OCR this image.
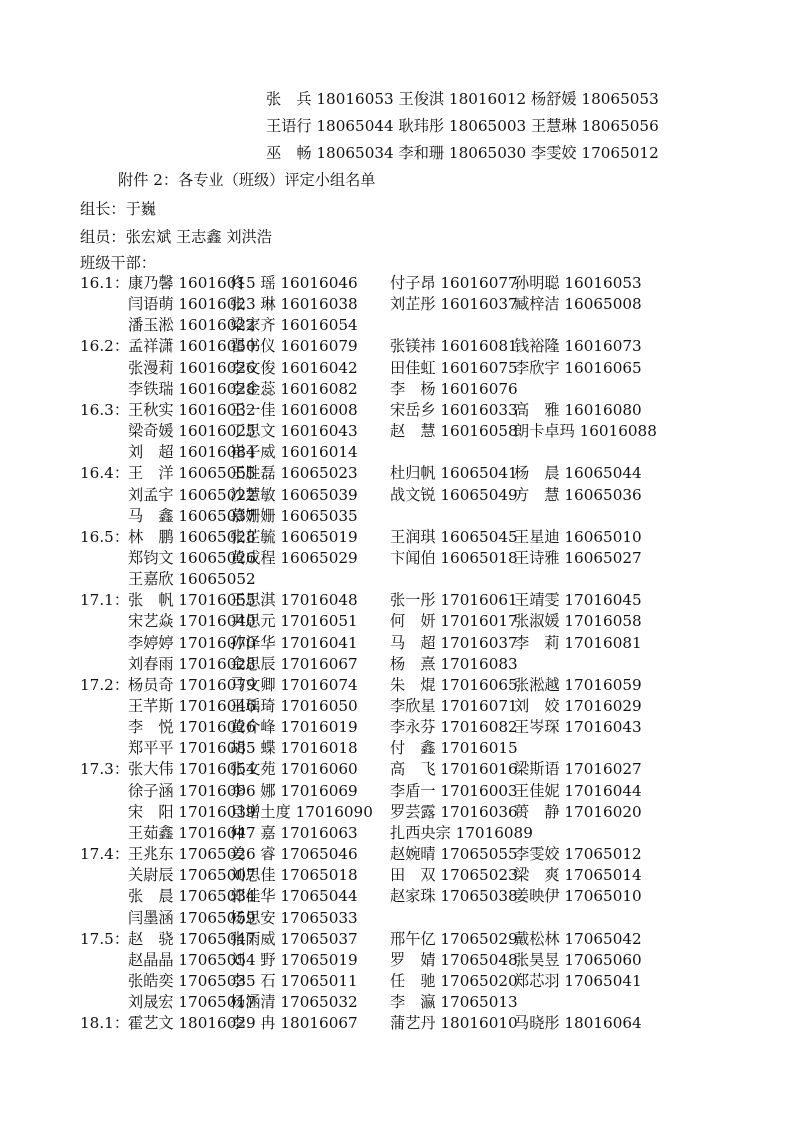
张　兵 18016053 王俊淇 18016012 杨舒媛 18065053
王语行 18065044 耿玮彤 18065003 王慧琳 18065056
巫　畅 18065034 李和珊 18065030 李雯姣 17065012
附件 2：各专业（班级）评定小组名单
组长：于巍
组员：张宏斌 王志鑫 刘洪浩
班级干部：
16.1：
康乃馨 16016015
佟　瑶 16016046 付子昂 16016077
孙明聪 16016053
闫语萌 16016023
张　琳 16016038 刘芷彤 16016037
臧梓洁 16065008
潘玉淞 16016022
梁家齐 16016054
16.2：
孟祥潇 16016050
翟书仪 16016079 张镁祎 16016081
钱裕隆 16016073
张漫莉 16016026
李文俊 16016042 田佳虹 16016075
李欣宇 16016065
李铁瑞 16016028
李金蕊 16016082 李　杨 16016076
16.3：
王秋实 16016032
王一佳 16016008 宋岳乡 16016033
高　雅 16016080
梁奇媛 16016025
丁思文 16016043 赵　慧 16016058
朗卡卓玛 16016088
刘　超 16016084
崔子威 16016014
16.4：
王　洋 16065055
王胜磊 16065023 杜归帆 16065041
杨　晨 16065044
刘孟宇 16065022
沙慧敏 16065039 战文锐 16065049
方　慧 16065036
马　鑫 16065037
慕姗姗 16065035
16.5：
林　鹏 16065028
张芷毓 16065019 王润琪 16065045
王星迪 16065010
郑钧文 16065026
黄成程 16065029 卞闻伯 16065018
王诗雅 16065027
王嘉欣 16065052
17.1：
张　帆 17016055
王思淇 17016048 张一彤 17016061
王靖雯 17016045
宋艺焱 17016040
尹思元 17016051 何　妍 17016017
张淑媛 17016058
李婷婷 17016070
孙泽华 17016041 马　超 17016037
李　莉 17016081
刘春雨 17016028
金思辰 17016067 杨　熹 17016083
17.2：
杨员奇 17016079
马文卿 17016074 朱　焜 17016065
张淞越 17016059
王芊斯 17016046
王瑀琦 17016050 李欣星 17016071
刘　姣 17016029
李　悦 17016026
黄介峰 17016019 李永芬 17016082
王岑琛 17016043
郑平平 17016085
胡　蝶 17016018 付　鑫 17016015
17.3：
张大伟 17016054
张文苑 17016060 高　飞 17016016
梁斯语 17016027
徐子涵 17016006
李　娜 17016069 李盾一 17016003
王佳妮 17016044
宋　阳 17016039
旦增土度 17016090 罗芸露 17016036
蒉　静 17016020
王茹鑫 17016047
仲　嘉 17016063 扎西央宗 17016089
17.4：
王兆东 17065026
姜　睿 17065046 赵婉晴 17065055
李雯姣 17065012
关尉辰 17065007
刘思佳 17065018 田　双 17065023
梁　爽 17065014
张　晨 17065034
郭佳华 17065044 赵家珠 17065038
姜映伊 17065010
闫墨涵 17065059
杨思安 17065033
17.5：
赵　骁 17065047
张雨威 17065037 邢午亿 17065029
戴松林 17065042
赵晶晶 17065054
刘　野 17065019 罗　婧 17065048
张昊昱 17065060
张皓奕 17065035
李　石 17065011 任　驰 17065020
郑芯羽 17065041
刘晟宏 17065017
杨涵清 17065032 李　瀛 17065013
18.1：
霍艺文 18016029
李　冉 18016067 蒲艺丹 18016010
马晓彤 18016064
